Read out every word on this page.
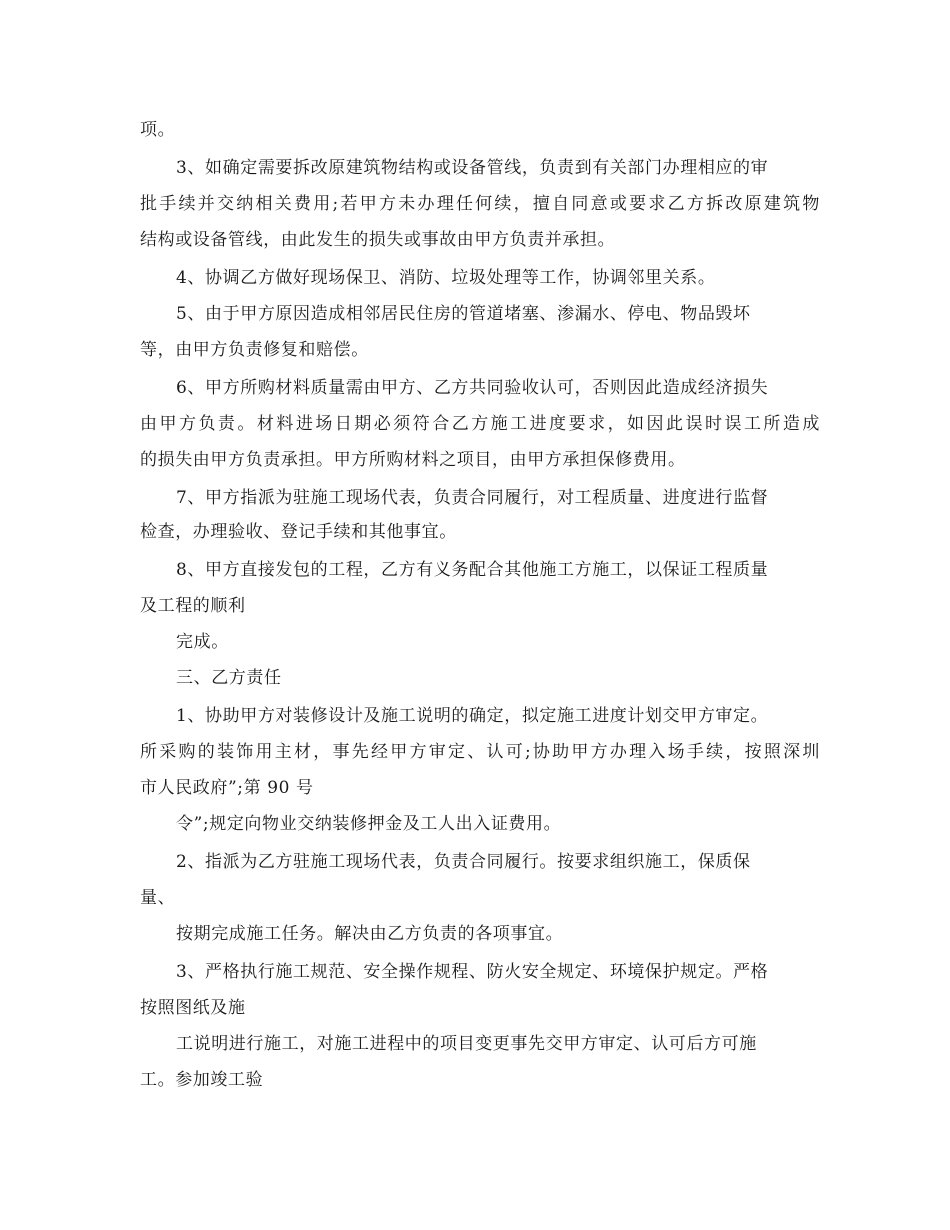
项。
3、如确定需要拆改原建筑物结构或设备管线，负责到有关部门办理相应的审
批手续并交纳相关费用;若甲方未办理任何续，擅自同意或要求乙方拆改原建筑物
结构或设备管线，由此发生的损失或事故由甲方负责并承担。
4、协调乙方做好现场保卫、消防、垃圾处理等工作，协调邻里关系。
5、由于甲方原因造成相邻居民住房的管道堵塞、渗漏水、停电、物品毁坏
等，由甲方负责修复和赔偿。
6、甲方所购材料质量需由甲方、乙方共同验收认可，否则因此造成经济损失
由甲方负责。材料进场日期必须符合乙方施工进度要求，如因此误时误工所造成
的损失由甲方负责承担。甲方所购材料之项目，由甲方承担保修费用。
7、甲方指派为驻施工现场代表，负责合同履行，对工程质量、进度进行监督
检查，办理验收、登记手续和其他事宜。
8、甲方直接发包的工程，乙方有义务配合其他施工方施工，以保证工程质量
及工程的顺利
完成。
三、乙方责任
1、协助甲方对装修设计及施工说明的确定，拟定施工进度计划交甲方审定。
所采购的装饰用主材，事先经甲方审定、认可;协助甲方办理入场手续，按照深圳
市人民政府”;第 90 号
令”;规定向物业交纳装修押金及工人出入证费用。
2、指派为乙方驻施工现场代表，负责合同履行。按要求组织施工，保质保
量、
按期完成施工任务。解决由乙方负责的各项事宜。
3、严格执行施工规范、安全操作规程、防火安全规定、环境保护规定。严格
按照图纸及施
工说明进行施工，对施工进程中的项目变更事先交甲方审定、认可后方可施
工。参加竣工验
